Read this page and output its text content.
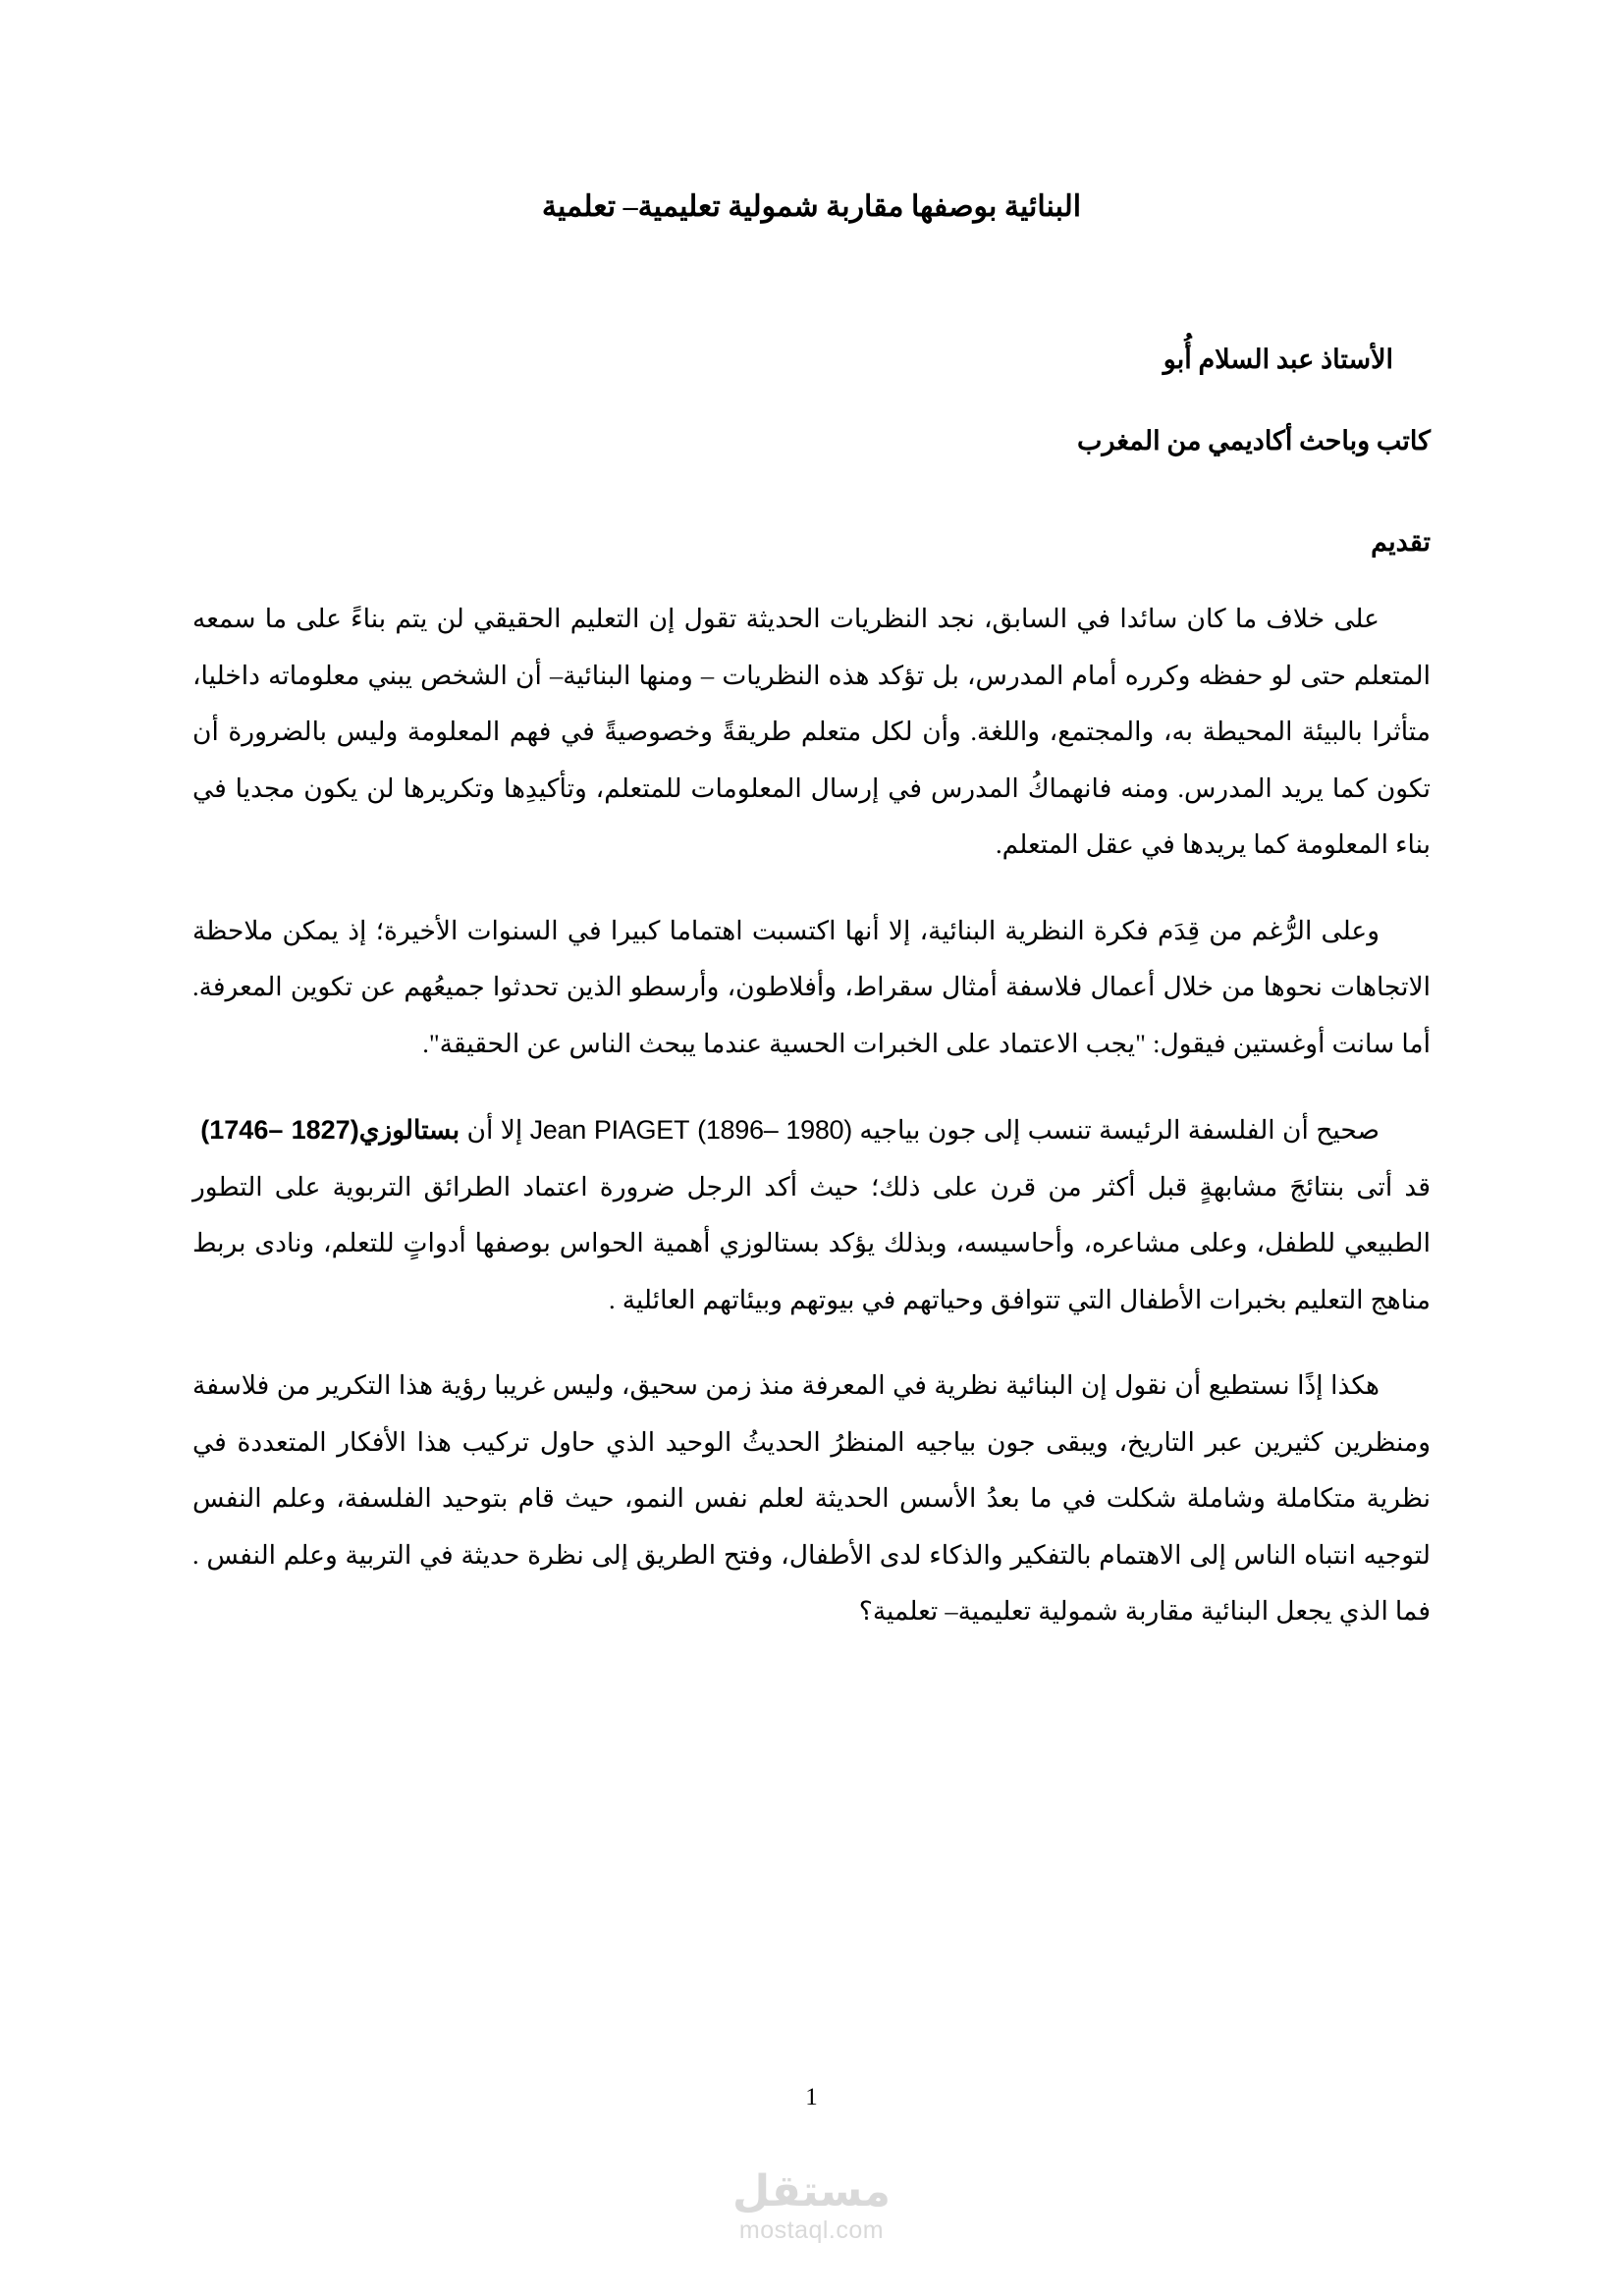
البنائية بوصفها مقاربة شمولية تعليمية– تعلمية
الأستاذ عبد السلام أُبو
كاتب وباحث أكاديمي من المغرب
تقديم

على خلاف ما كان سائدا في السابق، نجد النظريات الحديثة تقول إن التعليم الحقيقي لن يتم بناءً على ما سمعه المتعلم حتى لو حفظه وكرره أمام المدرس، بل تؤكد هذه النظريات – ومنها البنائية– أن الشخص يبني معلوماته داخليا، متأثرا بالبيئة المحيطة به، والمجتمع، واللغة. وأن لكل متعلم طريقةً وخصوصيةً في فهم المعلومة وليس بالضرورة أن تكون كما يريد المدرس. ومنه فانهماكُ المدرس في إرسال المعلومات للمتعلم، وتأكيدِها وتكريرها لن يكون مجديا في بناء المعلومة كما يريدها في عقل المتعلم.

وعلى الرُّغم من قِدَم فكرة النظرية البنائية، إلا أنها اكتسبت اهتماما كبيرا في السنوات الأخيرة؛ إذ يمكن ملاحظة الاتجاهات نحوها من خلال أعمال فلاسفة أمثال سقراط، وأفلاطون، وأرسطو الذين تحدثوا جميعُهم عن تكوين المعرفة. أما سانت أوغستين فيقول: "يجب الاعتماد على الخبرات الحسية عندما يبحث الناس عن الحقيقة".

صحيح أن الفلسفة الرئيسة تنسب إلى جون بياجيه Jean PIAGET (1896– 1980) إلا أن بستالوزي (1746– 1827) قد أتى بنتائجَ مشابهةٍ قبل أكثر من قرن على ذلك؛ حيث أكد الرجل ضرورة اعتماد الطرائق التربوية على التطور الطبيعي للطفل، وعلى مشاعره، وأحاسيسه، وبذلك يؤكد بستالوزي أهمية الحواس بوصفها أدواتٍ للتعلم، ونادى بربط مناهج التعليم بخبرات الأطفال التي تتوافق وحياتهم في بيوتهم وبيئاتهم العائلية .

هكذا إذًا نستطيع أن نقول إن البنائية نظرية في المعرفة منذ زمن سحيق، وليس غريبا رؤية هذا التكرير من فلاسفة ومنظرين كثيرين عبر التاريخ، ويبقى جون بياجيه المنظرُ الحديثُ الوحيد الذي حاول تركيب هذا الأفكار المتعددة في نظرية متكاملة وشاملة شكلت في ما بعدُ الأسس الحديثة لعلم نفس النمو، حيث قام بتوحيد الفلسفة، وعلم النفس لتوجيه انتباه الناس إلى الاهتمام بالتفكير والذكاء لدى الأطفال، وفتح الطريق إلى نظرة حديثة في التربية وعلم النفس . فما الذي يجعل البنائية مقاربة شمولية تعليمية– تعلمية؟

1
مستقل
mostaql.com
